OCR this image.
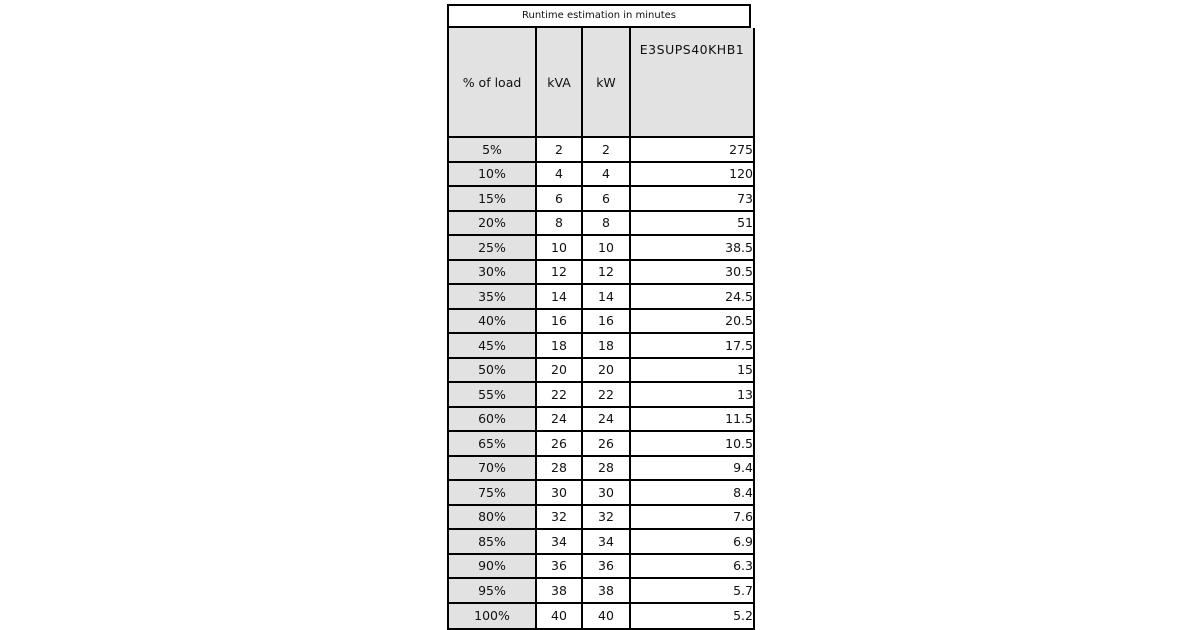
Runtime estimation in minutes
% of load	kVA	kW	E3SUPS40KHB1
5%	2	2	275
10%	4	4	120
15%	6	6	73
20%	8	8	51
25%	10	10	38.5
30%	12	12	30.5
35%	14	14	24.5
40%	16	16	20.5
45%	18	18	17.5
50%	20	20	15
55%	22	22	13
60%	24	24	11.5
65%	26	26	10.5
70%	28	28	9.4
75%	30	30	8.4
80%	32	32	7.6
85%	34	34	6.9
90%	36	36	6.3
95%	38	38	5.7
100%	40	40	5.2
